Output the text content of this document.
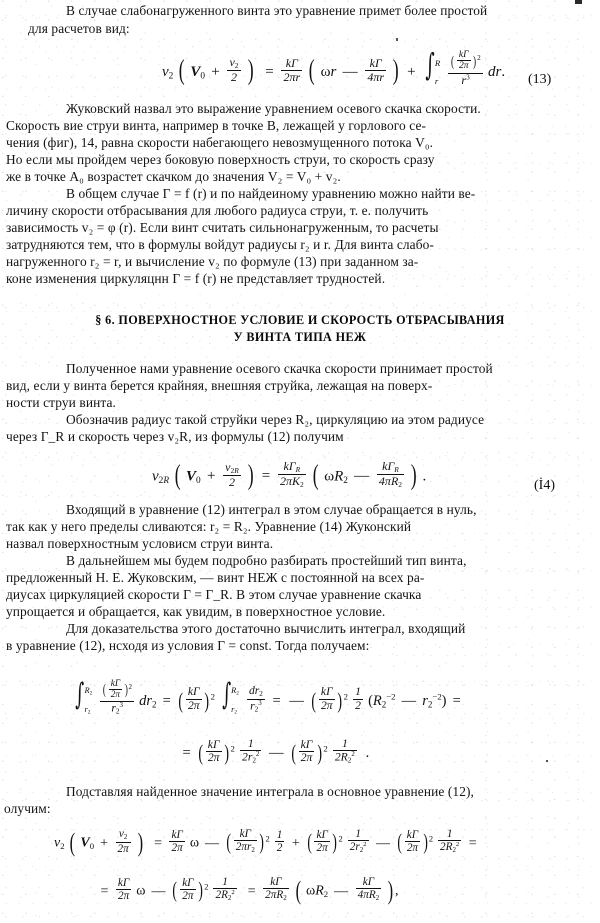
В случае слабонагруженного винта это уравнение примет более простой
для расчетов вид:
$v_2$ ( $V_0 + \frac{v_2}{2}$ )  = $\frac{kГ}{2\pi r}$ ( ωr — $\frac{kГ}{4\pi r}$ ) + ∫ R
r
$\frac{( \frac{kГ}{2\pi} )^2}{r^3}$ dr. (13)
Жуковский назвал это выражение уравнением осевого скачка скорости.
Скорость вие струи винта, например в точке B, лежащей у горлового се-
чения (фиг), 14, равна скорости набегающего невозмущенного потока V₀.
Но если мы пройдем через боковую поверхность струи, то скорость сразу
же в точке A₀ возрастет скачком до значения V₂ = V₀ + v₂.
В общем случае Г = f (r) и по найдеиному уравнению можно найти ве-
личину скорости отбрасывания для любого радиуса струи, т. е. получить
зависимость v₂ = φ (r). Если винт считать сильнонагруженным, то расчеты
затрудняются тем, что в формулы войдут радиусы r₂ и r. Для винта слабо-
нагруженного r₂ = r, и вычисление v₂ по формуле (13) при заданном за-
коне изменения циркуляцнн Г = f (r) не представляет трудностей.
§ 6. ПОВЕРХНОСТНОЕ УСЛОВИЕ И СКОРОСТЬ ОТБРАСЫВАНИЯ
У ВИНТА ТИПА НЕЖ
Полученное нами уравнение осевого скачка скорости принимает простой
вид, если у винта берется крайняя, внешняя струйка, лежащая на поверх-
ности струи винта.
Обозначив радиус такой струйки через R₂, циркуляцию иа этом радиусе
через Г_R и скорость через v₂R, из формулы (12) получим
$v_{2R}$ ( $V_0 + \frac{v_{2R}}{2}$ ) = $\frac{kГ_R}{2\pi K_2}$ ( $\omega R_2$ — $\frac{kГ_R}{4\pi R_2}$ ) .
(İ4)
Входящий в уравнение (12) интеграл в этом случае обращается в нуль,
так как у него пределы сливаются: r₂ = R₂. Уравнение (14) Жуконский
назвал поверхностным условисм струи винта.
В дальнейшем мы будем подробно разбирать простейший тип винта,
предложенный Н. Е. Жуковским, — винт НЕЖ с постоянной на всех ра-
диусах циркуляцией скорости Г = Г_R. В этом случае уравнение скачка
упрощается и обращается, как увидим, в поверхностное условие.
Для доказательства этого достаточно вычислить интеграл, входящий
в уравнение (12), нсходя из условия Г = const. Тогда получаем:
∫ $R_2$
$r_2$
$\frac{( \frac{kГ}{2\pi} )^2}{r_2^3} dr_2$ = ( $\frac{kГ}{2\pi} )^2$ ∫ $R_2$
$r_2$
$\frac{dr_2}{r_2^3}$ = — ( $\frac{kГ}{2\pi} )^2 \frac{1}{2} (R_2^{-2}$ — $r_2^{-2}$) =
= ( $\frac{kГ}{2\pi} )^2 \frac{1}{2r_2^2}$ — ( $\frac{kГ}{2\pi} )^2 \frac{1}{2R_2^2}$ .
Подставляя найденное значение интеграла в основное уравнение (12),
олучим:
$v_2$ ( $V_0 + \frac{v_2}{2\pi}$ )  = $\frac{kГ}{2\pi}$ ω — ( $\frac{kГ}{2\pi r_2} )^2 \frac{1}{2}$ + ( $\frac{kГ}{2\pi} )^2 \frac{1}{2r_2^2}$ — ( $\frac{kГ}{2\pi} )^2 \frac{1}{2R_2^2}$ =
= $\frac{kГ}{2\pi}$ ω — ( $\frac{kГ}{2\pi} )^2 \frac{1}{2R_2^2} = \frac{kГ}{2\pi R_2}$ ( $\omega R_2$ — $\frac{kГ}{4\pi R_2}$ ) ,
